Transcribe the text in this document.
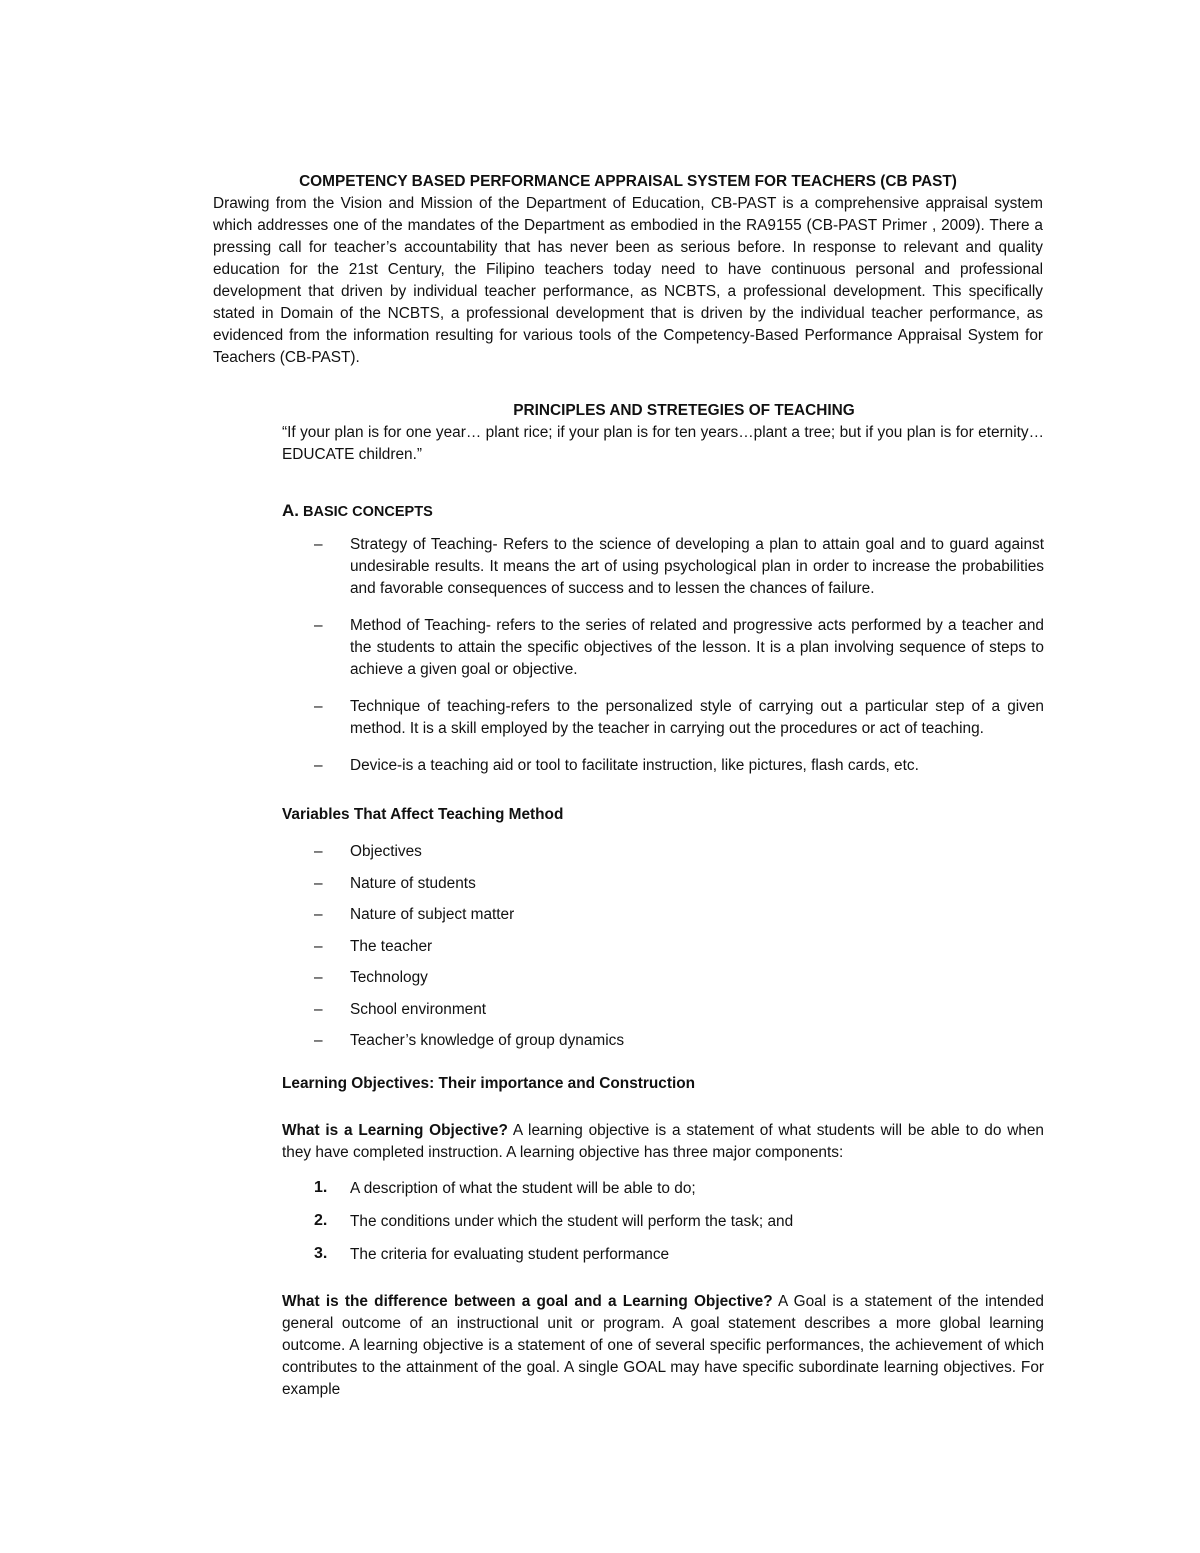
COMPETENCY BASED PERFORMANCE APPRAISAL SYSTEM FOR TEACHERS (CB PAST)

Drawing from the Vision and Mission of the Department of Education, CB-PAST is a comprehensive appraisal system which addresses one of the mandates of the Department as embodied in the RA9155 (CB-PAST Primer , 2009). There a pressing call for teacher’s accountability that has never been as serious before. In response to relevant and quality education for the 21st Century, the Filipino teachers today need to have continuous personal and professional development that driven by individual teacher performance, as NCBTS, a professional development. This specifically stated in Domain of the NCBTS, a professional development that is driven by the individual teacher performance, as evidenced from the information resulting for various tools of the Competency-Based Performance Appraisal System for Teachers (CB-PAST).

PRINCIPLES AND STRETEGIES OF TEACHING

“If your plan is for one year… plant rice; if your plan is for ten years…plant a tree; but if you plan is for eternity… EDUCATE children.”

A. BASIC CONCEPTS
– Strategy of Teaching- Refers to the science of developing a plan to attain goal and to guard against undesirable results. It means the art of using psychological plan in order to increase the probabilities and favorable consequences of success and to lessen the chances of failure.
– Method of Teaching- refers to the series of related and progressive acts performed by a teacher and the students to attain the specific objectives of the lesson. It is a plan involving sequence of steps to achieve a given goal or objective.
– Technique of teaching-refers to the personalized style of carrying out a particular step of a given method. It is a skill employed by the teacher in carrying out the procedures or act of teaching.
– Device-is a teaching aid or tool to facilitate instruction, like pictures, flash cards, etc.
Variables That Affect Teaching Method
– Objectives
– Nature of students
– Nature of subject matter
– The teacher
– Technology
– School environment
– Teacher’s knowledge of group dynamics
Learning Objectives: Their importance and Construction

What is a Learning Objective? A learning objective is a statement of what students will be able to do when they have completed instruction. A learning objective has three major components:

1. A description of what the student will be able to do;
2. The conditions under which the student will perform the task; and
3. The criteria for evaluating student performance

What is the difference between a goal and a Learning Objective? A Goal is a statement of the intended general outcome of an instructional unit or program. A goal statement describes a more global learning outcome. A learning objective is a statement of one of several specific performances, the achievement of which contributes to the attainment of the goal. A single GOAL may have specific subordinate learning objectives. For example
